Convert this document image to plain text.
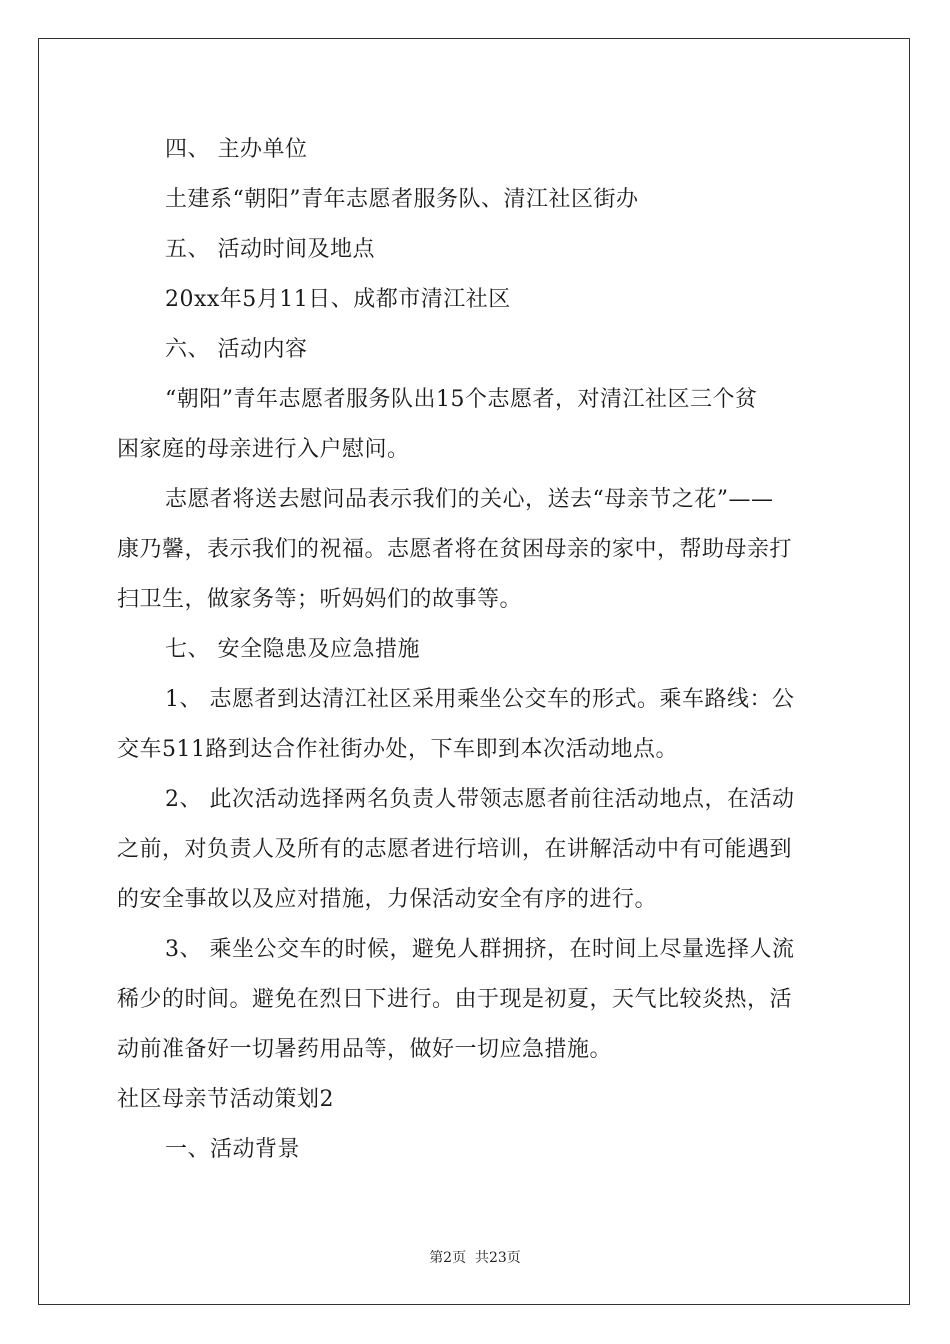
四、 主办单位
土建系“朝阳”青年志愿者服务队、清江社区街办
五、 活动时间及地点
20xx年5月11日、成都市清江社区
六、 活动内容
“朝阳”青年志愿者服务队出15个志愿者，对清江社区三个贫
困家庭的母亲进行入户慰问。
志愿者将送去慰问品表示我们的关心，送去“母亲节之花”——
康乃馨，表示我们的祝福。志愿者将在贫困母亲的家中，帮助母亲打
扫卫生，做家务等；听妈妈们的故事等。
七、 安全隐患及应急措施
1、 志愿者到达清江社区采用乘坐公交车的形式。乘车路线：公
交车511路到达合作社街办处，下车即到本次活动地点。
2、 此次活动选择两名负责人带领志愿者前往活动地点，在活动
之前，对负责人及所有的志愿者进行培训，在讲解活动中有可能遇到
的安全事故以及应对措施，力保活动安全有序的进行。
3、 乘坐公交车的时候，避免人群拥挤，在时间上尽量选择人流
稀少的时间。避免在烈日下进行。由于现是初夏，天气比较炎热，活
动前准备好一切暑药用品等，做好一切应急措施。
社区母亲节活动策划2
一、活动背景
第2页  共23页
